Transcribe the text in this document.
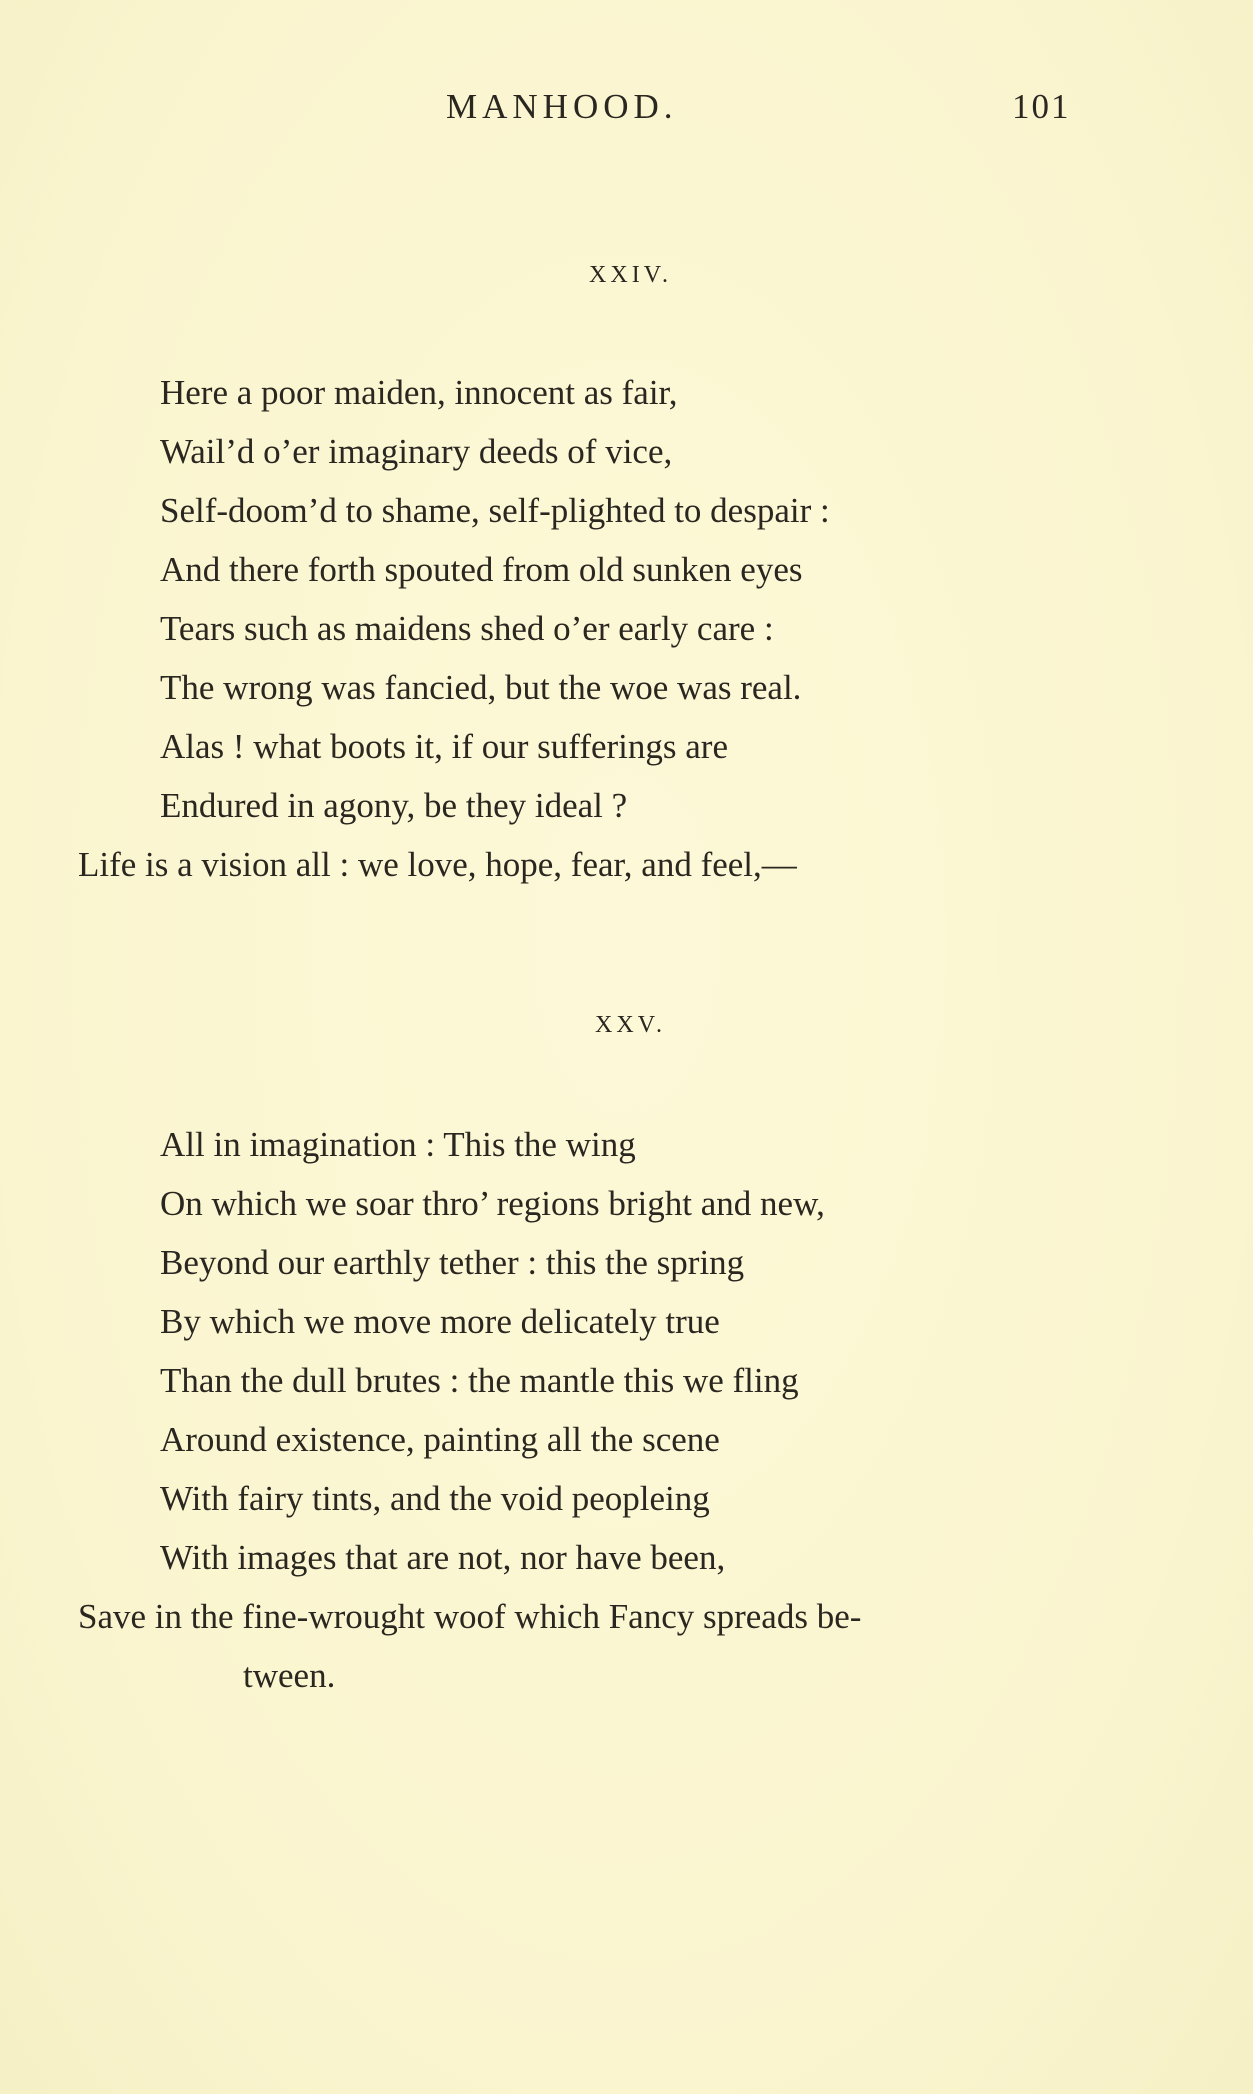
MANHOOD.	101
XXIV.
Here a poor maiden, innocent as fair,
Wail’d o’er imaginary deeds of vice,
Self-doom’d to shame, self-plighted to despair :
And there forth spouted from old sunken eyes
Tears such as maidens shed o’er early care :
The wrong was fancied, but the woe was real.
Alas ! what boots it, if our sufferings are
Endured in agony, be they ideal ?
Life is a vision all : we love, hope, fear, and feel,—
XXV.
All in imagination : This the wing
On which we soar thro’ regions bright and new,
Beyond our earthly tether : this the spring
By which we move more delicately true
Than the dull brutes : the mantle this we fling
Around existence, painting all the scene
With fairy tints, and the void peopleing
With images that are not, nor have been,
Save in the fine-wrought woof which Fancy spreads be-
tween.
